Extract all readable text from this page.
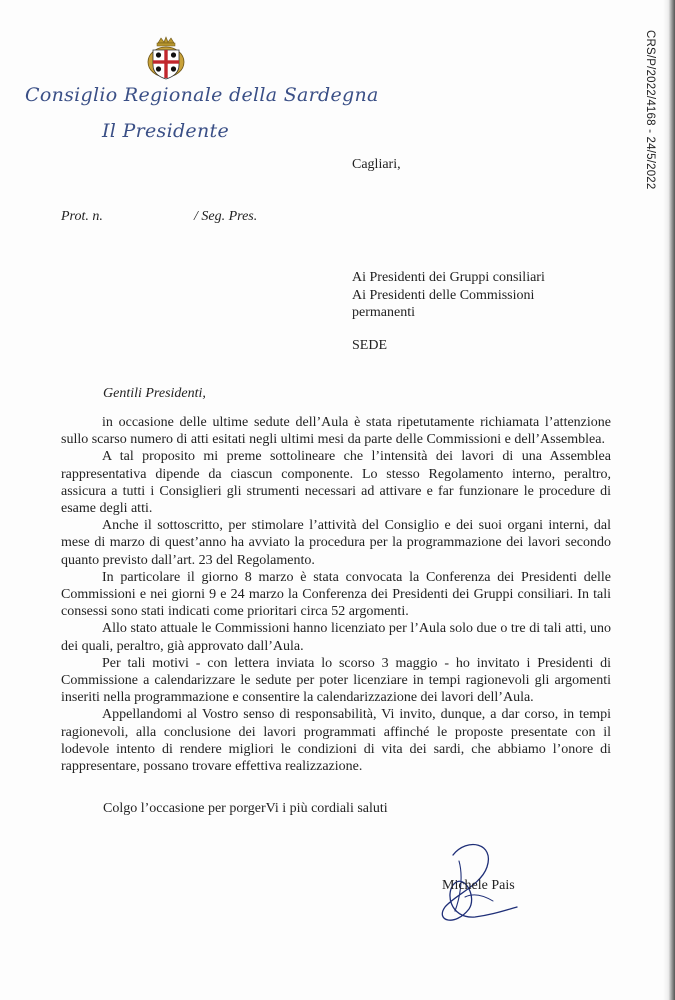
CRS/P/2022/4168 - 24/5/2022
Consiglio Regionale della Sardegna
Il Presidente
Cagliari,
Prot. n.	/ Seg. Pres.
Ai Presidenti dei Gruppi consiliari
Ai Presidenti delle Commissioni
permanenti
SEDE
Gentili Presidenti,

in occasione delle ultime sedute dell’Aula è stata ripetutamente richiamata l’attenzione sullo scarso numero di atti esitati negli ultimi mesi da parte delle Commissioni e dell’Assemblea.

A tal proposito mi preme sottolineare che l’intensità dei lavori di una Assemblea rappresentativa dipende da ciascun componente. Lo stesso Regolamento interno, peraltro, assicura a tutti i Consiglieri gli strumenti necessari ad attivare e far funzionare le procedure di esame degli atti.

Anche il sottoscritto, per stimolare l’attività del Consiglio e dei suoi organi interni, dal mese di marzo di quest’anno ha avviato la procedura per la programmazione dei lavori secondo quanto previsto dall’art. 23 del Regolamento.

In particolare il giorno 8 marzo è stata convocata la Conferenza dei Presidenti delle Commissioni e nei giorni 9 e 24 marzo la Conferenza dei Presidenti dei Gruppi consiliari. In tali consessi sono stati indicati come prioritari circa 52 argomenti.

Allo stato attuale le Commissioni hanno licenziato per l’Aula solo due o tre di tali atti, uno dei quali, peraltro, già approvato dall’Aula.

Per tali motivi - con lettera inviata lo scorso 3 maggio - ho invitato i Presidenti di Commissione a calendarizzare le sedute per poter licenziare in tempi ragionevoli gli argomenti inseriti nella programmazione e consentire la calendarizzazione dei lavori dell’Aula.

Appellandomi al Vostro senso di responsabilità, Vi invito, dunque, a dar corso, in tempi ragionevoli, alla conclusione dei lavori programmati affinché le proposte presentate con il lodevole intento di rendere migliori le condizioni di vita dei sardi, che abbiamo l’onore di rappresentare, possano trovare effettiva realizzazione.

Colgo l’occasione per porgerVi i più cordiali saluti
Michele Pais
